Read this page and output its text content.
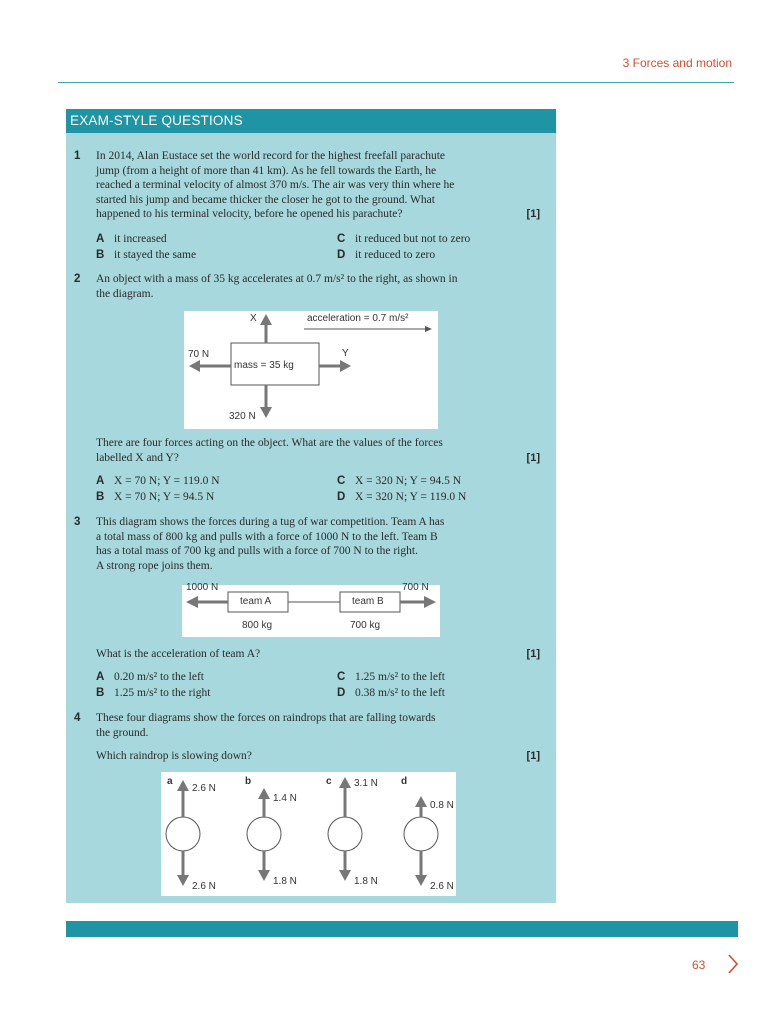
3 Forces and motion
EXAM-STYLE QUESTIONS
1 In 2014, Alan Eustace set the world record for the highest freefall parachute
jump (from a height of more than 41 km). As he fell towards the Earth, he
reached a terminal velocity of almost 370 m/s. The air was very thin where he
started his jump and became thicker the closer he got to the ground. What
happened to his terminal velocity, before he opened his parachute?	[1]
A it increased
B it stayed the same
C it reduced but not to zero
D it reduced to zero
2 An object with a mass of 35 kg accelerates at 0.7 m/s² to the right, as shown in
the diagram.
X	acceleration = 0.7 m/s²
Y
70 N
mass = 35 kg
320 N
There are four forces acting on the object. What are the values of the forces
labelled X and Y?	[1]
A X = 70 N; Y = 119.0 N
B X = 70 N; Y = 94.5 N
C X = 320 N; Y = 94.5 N
D X = 320 N; Y = 119.0 N
3 This diagram shows the forces during a tug of war competition. Team A has
a total mass of 800 kg and pulls with a force of 1000 N to the left. Team B
has a total mass of 700 kg and pulls with a force of 700 N to the right.
A strong rope joins them.
1000 N	700 N
team A	team B
800 kg	700 kg
What is the acceleration of team A?	[1]
A 0.20 m/s² to the left
B 1.25 m/s² to the right
C 1.25 m/s² to the left
D 0.38 m/s² to the left
4 These four diagrams show the forces on raindrops that are falling towards
the ground.
Which raindrop is slowing down?	[1]
a
2.6 N
2.6 N
b
1.4 N
1.8 N
c 3.1 N
1.8 N
d
0.8 N
2.6 N
63
